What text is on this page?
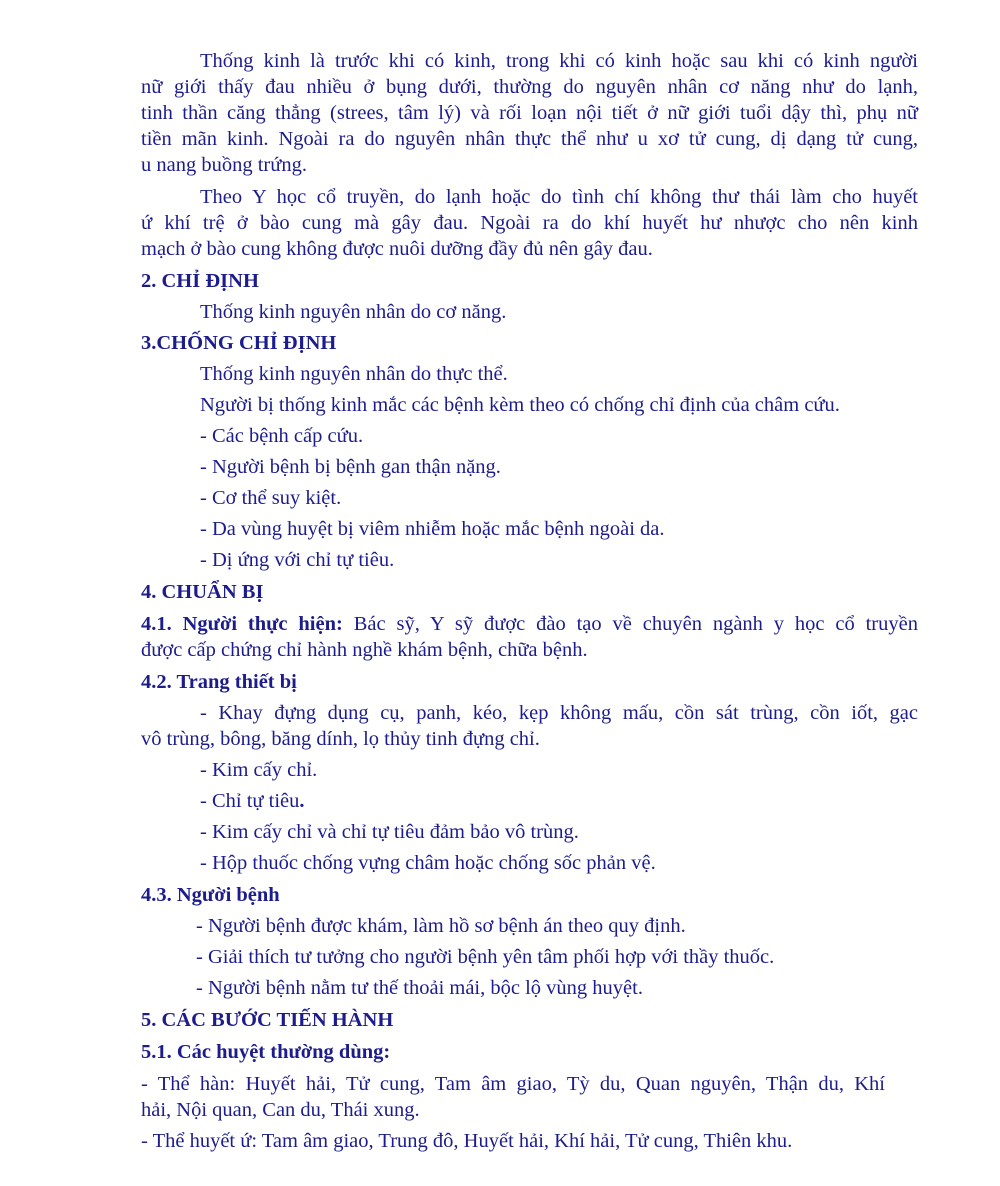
Thống kinh là trước khi có kinh, trong khi có kinh hoặc sau khi có kinh người
nữ giới thấy đau nhiều ở bụng dưới, thường do nguyên nhân cơ năng như do lạnh,
tinh thần căng thẳng (strees, tâm lý) và rối loạn nội tiết ở nữ giới tuổi dậy thì, phụ nữ
tiền mãn kinh. Ngoài ra do nguyên nhân thực thể như u xơ tử cung, dị dạng tử cung,
u nang buồng trứng.
Theo Y học cổ truyền, do lạnh hoặc do tình chí không thư thái làm cho huyết
ứ khí trệ ở bào cung mà gây đau. Ngoài ra do khí huyết hư nhược cho nên kinh
mạch ở bào cung không được nuôi dưỡng đầy đủ nên gây đau.
2. CHỈ ĐỊNH
Thống kinh nguyên nhân do cơ năng.
3.CHỐNG CHỈ ĐỊNH
Thống kinh nguyên nhân do thực thể.
Người bị thống kinh mắc các bệnh kèm theo có chống chỉ định của châm cứu.
- Các bệnh cấp cứu.
- Người bệnh bị bệnh gan thận nặng.
- Cơ thể suy kiệt.
- Da vùng huyệt bị viêm nhiễm hoặc mắc bệnh ngoài da.
- Dị ứng với chỉ tự tiêu.
4. CHUẨN BỊ
4.1. Người thực hiện: Bác sỹ, Y sỹ được đào tạo về chuyên ngành y học cổ truyền
được cấp chứng chỉ hành nghề khám bệnh, chữa bệnh.
4.2. Trang thiết bị
- Khay đựng dụng cụ, panh, kéo, kẹp không mấu, cồn sát trùng, cồn iốt, gạc
vô trùng, bông, băng dính, lọ thủy tinh đựng chỉ.
- Kim cấy chỉ.
- Chỉ tự tiêu.
- Kim cấy chỉ và chỉ tự tiêu đảm bảo vô trùng.
- Hộp thuốc chống vựng châm hoặc chống sốc phản vệ.
4.3. Người bệnh
- Người bệnh được khám, làm hồ sơ bệnh án theo quy định.
- Giải thích tư tưởng cho người bệnh yên tâm phối hợp với thầy thuốc.
- Người bệnh nằm tư thế thoải mái, bộc lộ vùng huyệt.
5. CÁC BƯỚC TIẾN HÀNH
5.1. Các huyệt thường dùng:
- Thể hàn: Huyết hải, Tử cung, Tam âm giao, Tỳ du, Quan nguyên, Thận du, Khí
hải, Nội quan, Can du, Thái xung.
- Thể huyết ứ: Tam âm giao, Trung đô, Huyết hải, Khí hải, Tử cung, Thiên khu.
